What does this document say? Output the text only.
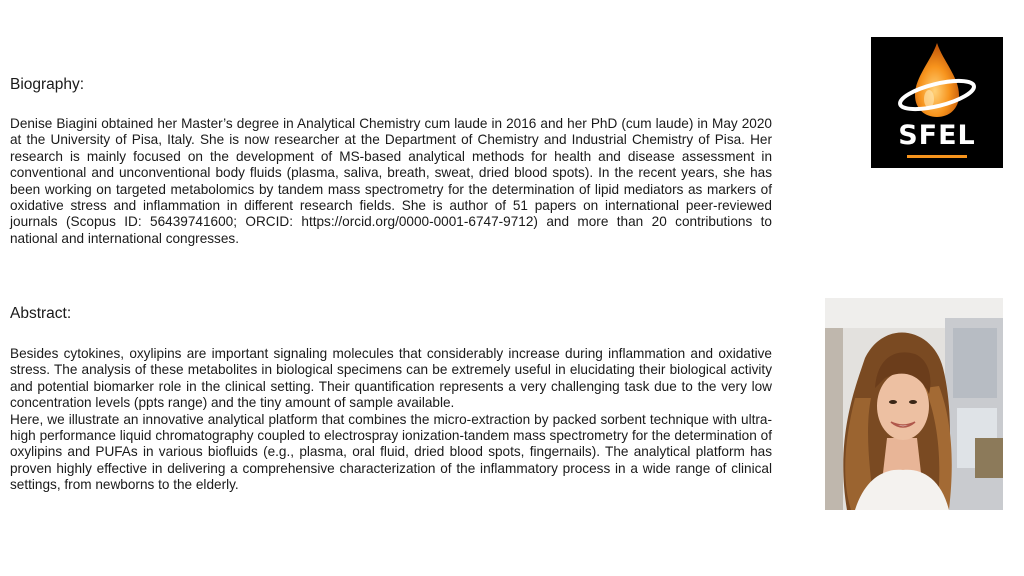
Biography:

Denise Biagini obtained her Master’s degree in Analytical Chemistry cum laude in 2016 and her PhD (cum laude) in May 2020 at the University of Pisa, Italy. She is now researcher at the Department of Chemistry and Industrial Chemistry of Pisa. Her research is mainly focused on the development of MS-based analytical methods for health and disease assessment in conventional and unconventional body fluids (plasma, saliva, breath, sweat, dried blood spots). In the recent years, she has been working on targeted metabolomics by tandem mass spectrometry for the determination of lipid mediators as markers of oxidative stress and inflammation in different research fields. She is author of 51 papers on international peer-reviewed journals (Scopus ID: 56439741600; ORCID: https://orcid.org/0000-0001-6747-9712) and more than 20 contributions to national and international congresses.

Abstract:

Besides cytokines, oxylipins are important signaling molecules that considerably increase during inflammation and oxidative stress. The analysis of these metabolites in biological specimens can be extremely useful in elucidating their biological activity and potential biomarker role in the clinical setting. Their quantification represents a very challenging task due to the very low concentration levels (ppts range) and the tiny amount of sample available.

Here, we illustrate an innovative analytical platform that combines the micro-extraction by packed sorbent technique with ultra-high performance liquid chromatography coupled to electrospray ionization-tandem mass spectrometry for the determination of oxylipins and PUFAs in various biofluids (e.g., plasma, oral fluid, dried blood spots, fingernails). The analytical platform has proven highly effective in delivering a comprehensive characterization of the inflammatory process in a wide range of clinical settings, from newborns to the elderly.

SFEL
